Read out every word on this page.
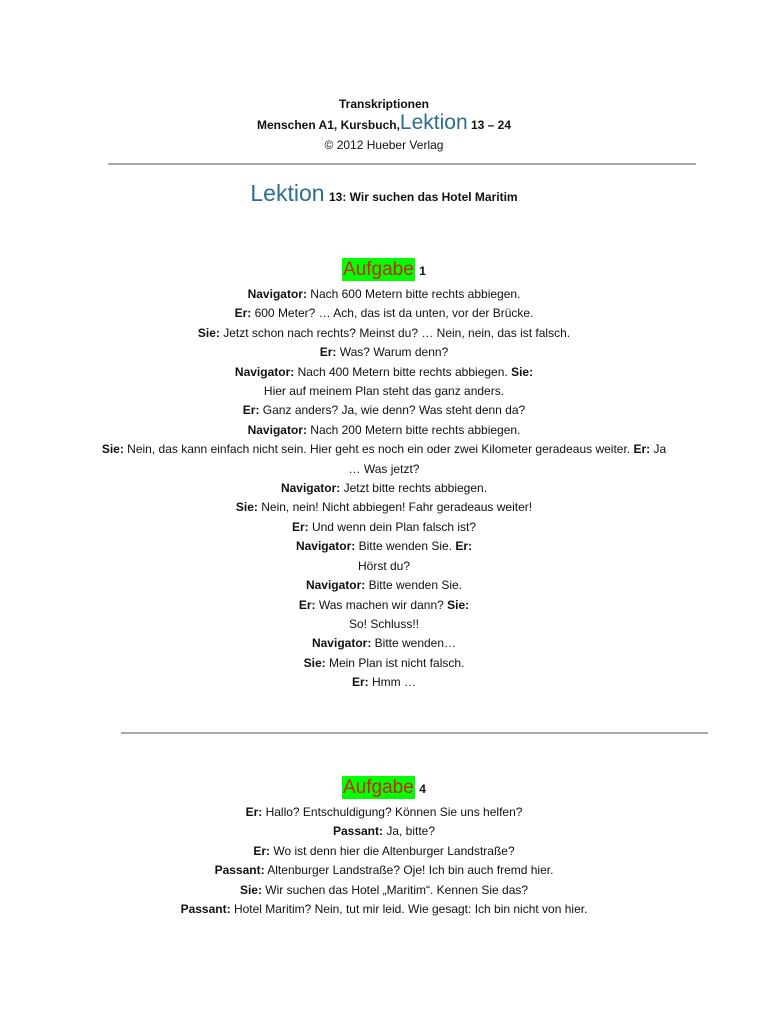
Transkriptionen
Menschen A1, Kursbuch,Lektion 13 – 24
© 2012 Hueber Verlag
Lektion 13: Wir suchen das Hotel Maritim
Aufgabe 1
Navigator: Nach 600 Metern bitte rechts abbiegen.
Er: 600 Meter? … Ach, das ist da unten, vor der Brücke.
Sie: Jetzt schon nach rechts? Meinst du? … Nein, nein, das ist falsch.
Er: Was? Warum denn?
Navigator: Nach 400 Metern bitte rechts abbiegen. Sie:
Hier auf meinem Plan steht das ganz anders.
Er: Ganz anders? Ja, wie denn? Was steht denn da?
Navigator: Nach 200 Metern bitte rechts abbiegen.
Sie: Nein, das kann einfach nicht sein. Hier geht es noch ein oder zwei Kilometer geradeaus weiter. Er: Ja
… Was jetzt?
Navigator: Jetzt bitte rechts abbiegen.
Sie: Nein, nein! Nicht abbiegen! Fahr geradeaus weiter!
Er: Und wenn dein Plan falsch ist?
Navigator: Bitte wenden Sie. Er:
Hörst du?
Navigator: Bitte wenden Sie.
Er: Was machen wir dann? Sie:
So! Schluss!!
Navigator: Bitte wenden…
Sie: Mein Plan ist nicht falsch.
Er: Hmm …
Aufgabe 4
Er: Hallo? Entschuldigung? Können Sie uns helfen?
Passant: Ja, bitte?
Er: Wo ist denn hier die Altenburger Landstraße?
Passant: Altenburger Landstraße? Oje! Ich bin auch fremd hier.
Sie: Wir suchen das Hotel „Maritim“. Kennen Sie das?
Passant: Hotel Maritim? Nein, tut mir leid. Wie gesagt: Ich bin nicht von hier.
